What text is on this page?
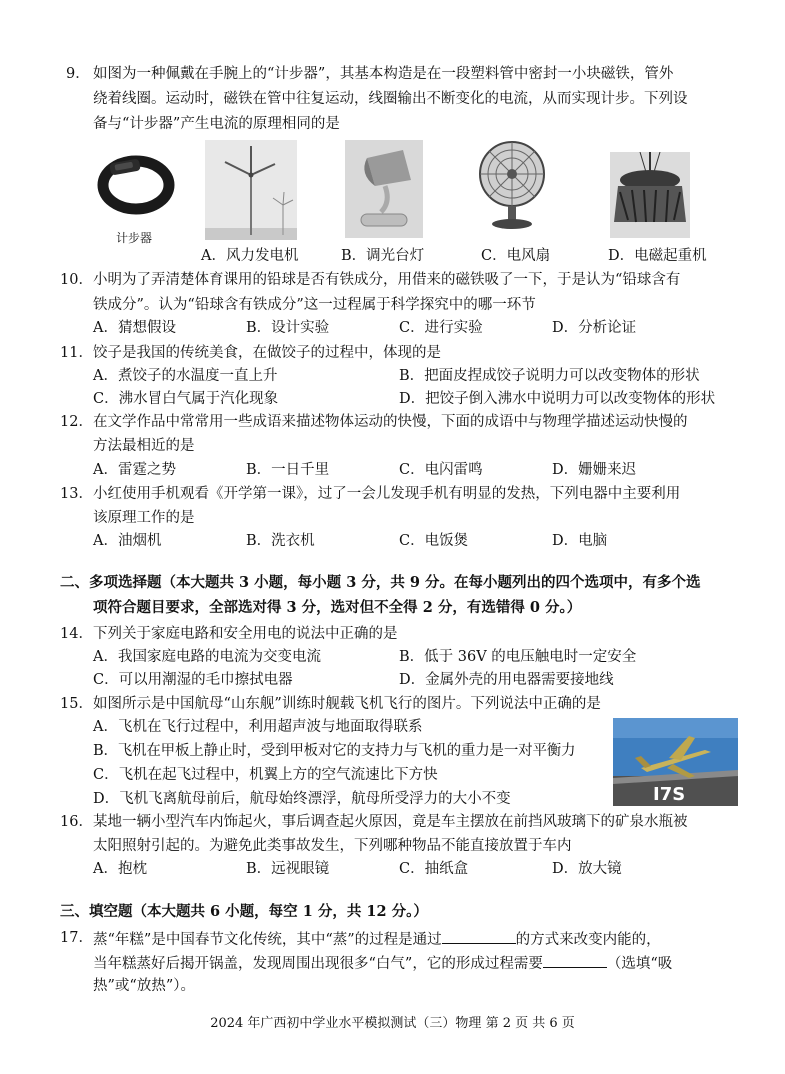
9． 如图为一种佩戴在手腕上的“计步器”，其基本构造是在一段塑料管中密封一小块磁铁，管外
绕着线圈。运动时，磁铁在管中往复运动，线圈输出不断变化的电流，从而实现计步。下列设
备与“计步器”产生电流的原理相同的是
计步器
A．风力发电机	B．调光台灯	C．电风扇	D．电磁起重机
10． 小明为了弄清楚体育课用的铅球是否有铁成分，用借来的磁铁吸了一下，于是认为“铅球含有
铁成分”。认为“铅球含有铁成分”这一过程属于科学探究中的哪一环节
A．猜想假设	B．设计实验	C．进行实验	D．分析论证
11． 饺子是我国的传统美食，在做饺子的过程中，体现的是
A．煮饺子的水温度一直上升	B．把面皮捏成饺子说明力可以改变物体的形状
C．沸水冒白气属于汽化现象	D．把饺子倒入沸水中说明力可以改变物体的形状
12． 在文学作品中常常用一些成语来描述物体运动的快慢，下面的成语中与物理学描述运动快慢的
方法最相近的是
A．雷霆之势	B．一日千里	C．电闪雷鸣	D．姗姗来迟
13． 小红使用手机观看《开学第一课》，过了一会儿发现手机有明显的发热，下列电器中主要利用
该原理工作的是
A．油烟机	B．洗衣机	C．电饭煲	D．电脑
二、多项选择题（本大题共 3 小题，每小题 3 分，共 9 分。在每小题列出的四个选项中，有多个选
项符合题目要求，全部选对得 3 分，选对但不全得 2 分，有选错得 0 分。）
14． 下列关于家庭电路和安全用电的说法中正确的是
A．我国家庭电路的电流为交变电流	B．低于 36V 的电压触电时一定安全
C．可以用潮湿的毛巾擦拭电器	D．金属外壳的用电器需要接地线
15． 如图所示是中国航母“山东舰”训练时舰载飞机飞行的图片。下列说法中正确的是
A．飞机在飞行过程中，利用超声波与地面取得联系
B．飞机在甲板上静止时，受到甲板对它的支持力与飞机的重力是一对平衡力
C．飞机在起飞过程中，机翼上方的空气流速比下方快
D．飞机飞离航母前后，航母始终漂浮，航母所受浮力的大小不变	I7S
16． 某地一辆小型汽车内饰起火，事后调查起火原因，竟是车主摆放在前挡风玻璃下的矿泉水瓶被
太阳照射引起的。为避免此类事故发生，下列哪种物品不能直接放置于车内
A．抱枕	B．远视眼镜	C．抽纸盒	D．放大镜
三、填空题（本大题共 6 小题，每空 1 分，共 12 分。）
17． 蒸“年糕”是中国春节文化传统，其中“蒸”的过程是通过	的方式来改变内能的，
当年糕蒸好后揭开锅盖，发现周围出现很多“白气”，它的形成过程需要	（选填“吸
热”或“放热”）。
2024 年广西初中学业水平模拟测试（三）物理 第 2 页 共 6 页
